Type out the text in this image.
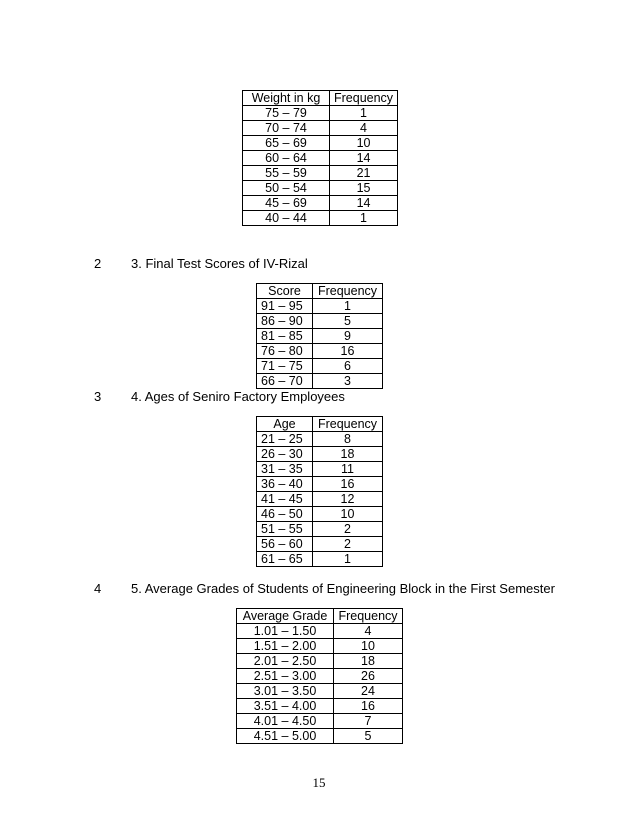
Weight in kg	Frequency
75 – 79	1
70 – 74	4
65 – 69	10
60 – 64	14
55 – 59	21
50 – 54	15
45 – 69	14
40 – 44	1
2 3. Final Test Scores of IV-Rizal
Score	Frequency
91 – 95	1
86 – 90	5
81 – 85	9
76 – 80	16
71 – 75	6
66 – 70	3
3 4. Ages of Seniro Factory Employees
Age	Frequency
21 – 25	8
26 – 30	18
31 – 35	11
36 – 40	16
41 – 45	12
46 – 50	10
51 – 55	2
56 – 60	2
61 – 65	1
4 5. Average Grades of Students of Engineering Block in the First Semester
Average Grade	Frequency
1.01 – 1.50	4
1.51 – 2.00	10
2.01 – 2.50	18
2.51 – 3.00	26
3.01 – 3.50	24
3.51 – 4.00	16
4.01 – 4.50	7
4.51 – 5.00	5
15
